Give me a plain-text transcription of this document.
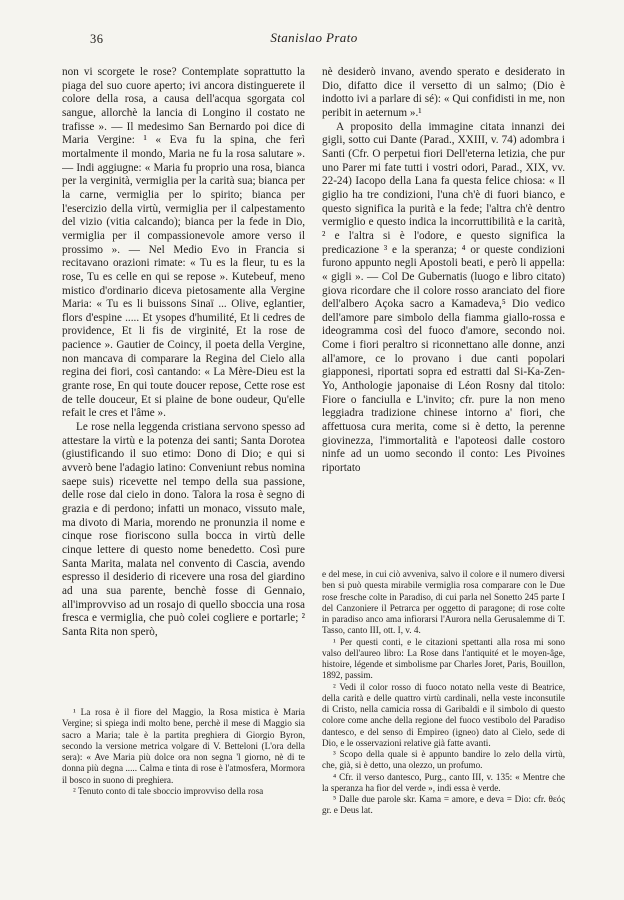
36	Stanislao Prato

non vi scorgete le rose? Contemplate soprattutto la piaga del suo cuore aperto; ivi ancora distinguerete il colore della rosa, a causa dell'acqua sgorgata col sangue, allorchè la lancia di Longino il costato ne trafisse ». — Il medesimo San Bernardo poi dice di Maria Vergine: ¹ « Eva fu la spina, che ferì mortalmente il mondo, Maria ne fu la rosa salutare ». — Indi aggiugne: « Maria fu proprio una rosa, bianca per la verginità, vermiglia per la carità sua; bianca per la carne, vermiglia per lo spirito; bianca per l'esercizio della virtù, vermiglia per il calpestamento del vizio (vitia calcando); bianca per la fede in Dio, vermiglia per il compassionevole amore verso il prossimo ». — Nel Medio Evo in Francia si recitavano orazioni rimate: « Tu es la fleur, tu es la rose, Tu es celle en qui se repose ». Kutebeuf, meno mistico d'ordinario diceva pietosamente alla Vergine Maria: « Tu es li buissons Sinaï ... Olive, eglantier, flors d'espine ..... Et ysopes d'humilité, Et li cedres de providence, Et li fis de virginité, Et la rose de pacience ». Gautier de Coincy, il poeta della Vergine, non mancava di comparare la Regina del Cielo alla regina dei fiori, così cantando: « La Mère-Dieu est la grante rose, En qui toute doucer repose, Cette rose est de telle douceur, Et si plaine de bone oudeur, Qu'elle refait le cres et l'âme ».

Le rose nella leggenda cristiana servono spesso ad attestare la virtù e la potenza dei santi; Santa Dorotea (giustificando il suo etimo: Dono di Dio; e qui si avverò bene l'adagio latino: Conveniunt rebus nomina saepe suis) ricevette nel tempo della sua passione, delle rose dal cielo in dono. Talora la rosa è segno di grazia e di perdono; infatti un monaco, vissuto male, ma divoto di Maria, morendo ne pronunzia il nome e cinque rose fioriscono sulla bocca in virtù delle cinque lettere di questo nome benedetto. Così pure Santa Marita, malata nel convento di Cascia, avendo espresso il desiderio di ricevere una rosa del giardino ad una sua parente, benchè fosse di Gennaio, all'improvviso ad un rosajo di quello sboccia una rosa fresca e vermiglia, che può colei cogliere e portarle; ² Santa Rita non sperò,

¹ La rosa è il fiore del Maggio, la Rosa mistica è Maria Vergine; si spiega indi molto bene, perchè il mese di Maggio sia sacro a Maria; tale è la partita preghiera di Giorgio Byron, secondo la versione metrica volgare di V. Betteloni (L'ora della sera): « Ave Maria più dolce ora non segna 'l giorno, nè di te donna più degna ..... Calma e tinta di rose è l'atmosfera, Mormora il bosco in suono di preghiera.

² Tenuto conto di tale sboccio improvviso della rosa

nè desiderò invano, avendo sperato e desiderato in Dio, difatto dice il versetto di un salmo; (Dio è indotto ivi a parlare di sé): « Qui confidisti in me, non peribit in aeternum ».¹

A proposito della immagine citata innanzi dei gigli, sotto cui Dante (Parad., XXIII, v. 74) adombra i Santi (Cfr. O perpetui fiori Dell'eterna letizia, che pur uno Parer mi fate tutti i vostri odori, Parad., XIX, vv. 22-24) Iacopo della Lana fa questa felice chiosa: « Il giglio ha tre condizioni, l'una ch'è di fuori bianco, e questo significa la purità e la fede; l'altra ch'è dentro vermiglio e questo indica la incorruttibilità e la carità, ² e l'altra si è l'odore, e questo significa la predicazione ³ e la speranza; ⁴ or queste condizioni furono appunto negli Apostoli beati, e però li appella: « gigli ». — Col De Gubernatis (luogo e libro citato) giova ricordare che il colore rosso aranciato del fiore dell'albero Açoka sacro a Kamadeva,⁵ Dio vedico dell'amore pare simbolo della fiamma giallo-rossa e ideogramma così del fuoco d'amore, secondo noi. Come i fiori peraltro si riconnettano alle donne, anzi all'amore, ce lo provano i due canti popolari giapponesi, riportati sopra ed estratti dal Si-Ka-Zen-Yo, Anthologie japonaise di Léon Rosny dal titolo: Fiore o fanciulla e L'invito; cfr. pure la non meno leggiadra tradizione chinese intorno a' fiori, che affettuosa cura merita, come si è detto, la perenne giovinezza, l'immortalità e l'apoteosi dalle costoro ninfe ad un uomo secondo il conto: Les Pivoines riportato

e del mese, in cui ciò avveniva, salvo il colore e il numero diversi ben si può questa mirabile vermiglia rosa comparare con le Due rose fresche colte in Paradiso, di cui parla nel Sonetto 245 parte I del Canzoniere il Petrarca per oggetto di paragone; di rose colte in paradiso anco ama infiorarsi l'Aurora nella Gerusalemme di T. Tasso, canto III, ott. I, v. 4.

¹ Per questi conti, e le citazioni spettanti alla rosa mi sono valso dell'aureo libro: La Rose dans l'antiquité et le moyen-âge, histoire, légende et simbolisme par Charles Joret, Paris, Bouillon, 1892, passim.

² Vedi il color rosso di fuoco notato nella veste di Beatrice, della carità e delle quattro virtù cardinali, nella veste inconsutile di Cristo, nella camicia rossa di Garibaldi e il simbolo di questo colore come anche della regione del fuoco vestibolo del Paradiso dantesco, e del senso di Empireo (igneo) dato al Cielo, sede di Dio, e le osservazioni relative già fatte avanti.

³ Scopo della quale si è appunto bandire lo zelo della virtù, che, già, si è detto, una olezzo, un profumo.

⁴ Cfr. il verso dantesco, Purg., canto III, v. 135: « Mentre che la speranza ha fior del verde », indi essa è verde.

⁵ Dalle due parole skr. Kama = amore, e deva = Dio: cfr. θεός gr. e Deus lat.
